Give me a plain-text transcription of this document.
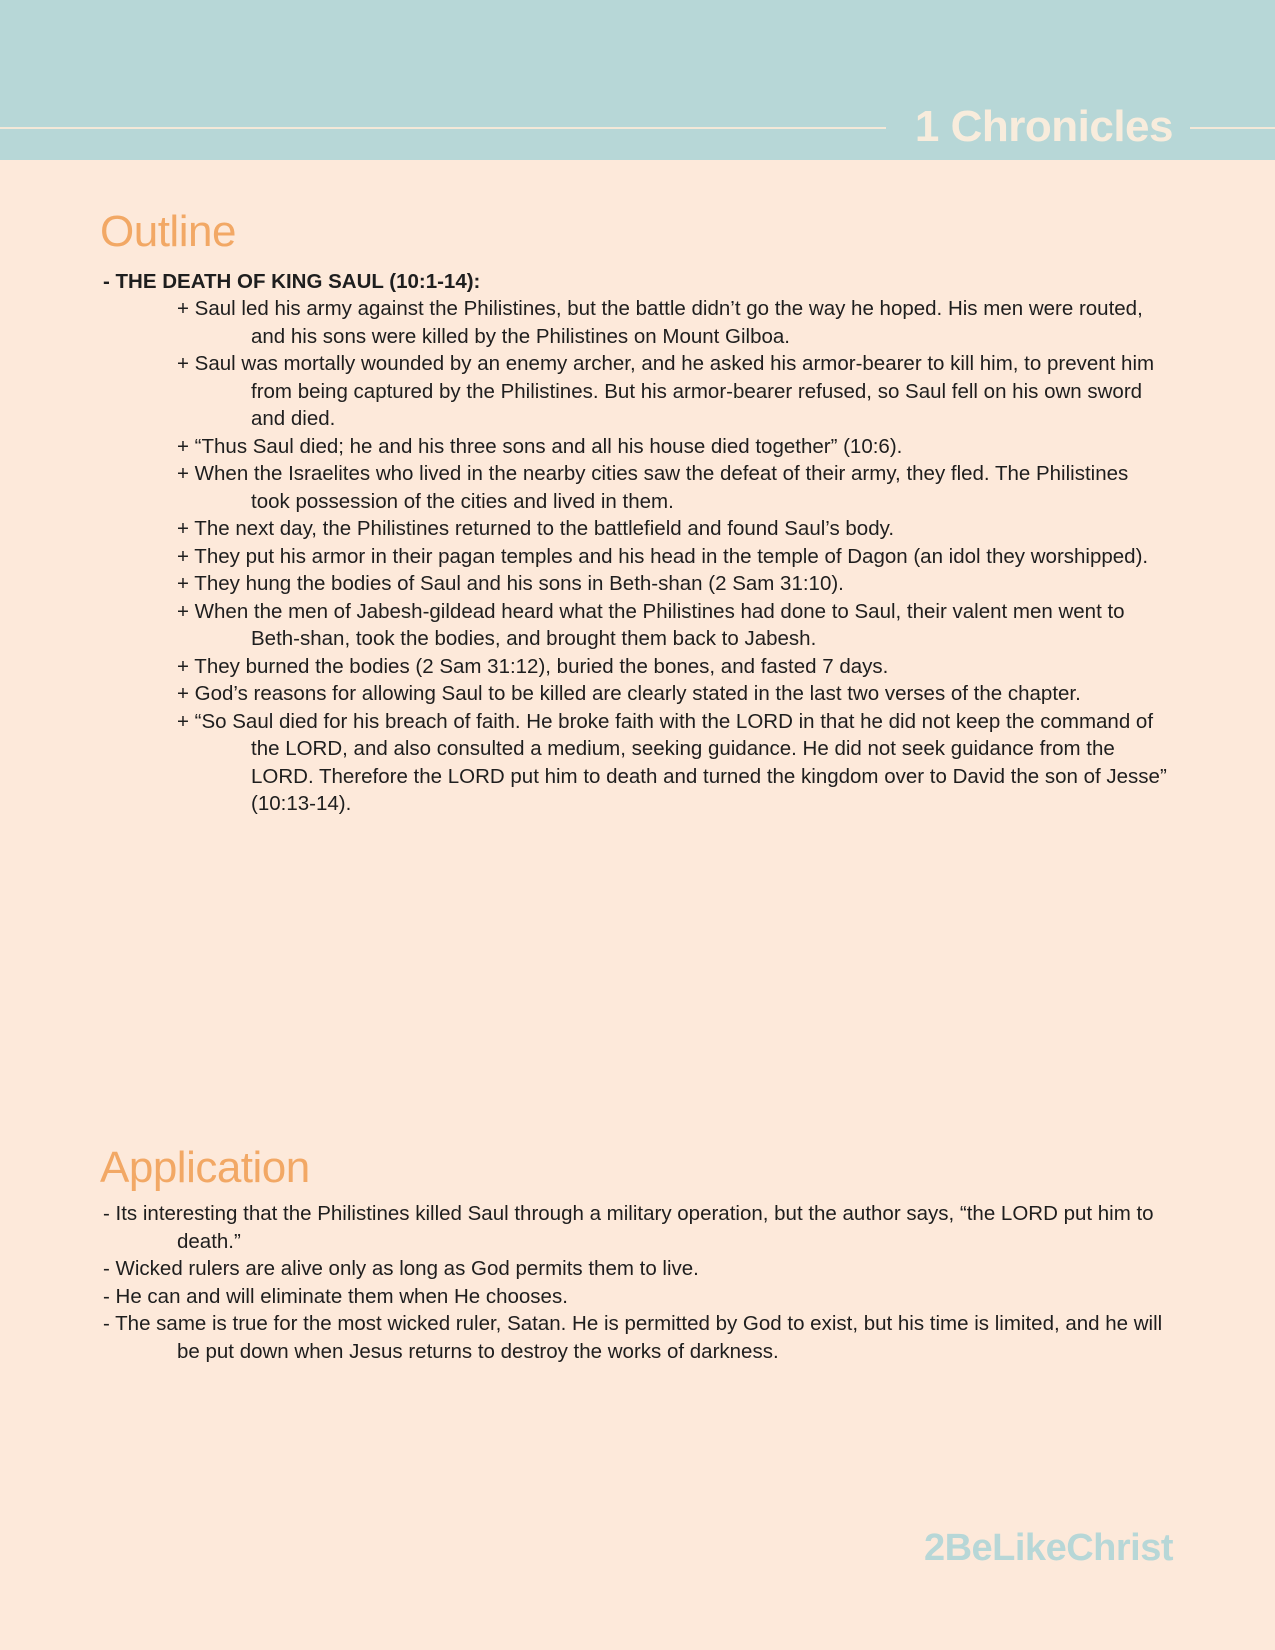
1 Chronicles
Outline
- THE DEATH OF KING SAUL (10:1-14):
+ Saul led his army against the Philistines, but the battle didn’t go the way he hoped. His men were routed, and his sons were killed by the Philistines on Mount Gilboa.
+ Saul was mortally wounded by an enemy archer, and he asked his armor-bearer to kill him, to prevent him from being captured by the Philistines. But his armor-bearer refused, so Saul fell on his own sword and died.
+ “Thus Saul died; he and his three sons and all his house died together” (10:6).
+ When the Israelites who lived in the nearby cities saw the defeat of their army, they fled. The Philistines took possession of the cities and lived in them.
+ The next day, the Philistines returned to the battlefield and found Saul’s body.
+ They put his armor in their pagan temples and his head in the temple of Dagon (an idol they worshipped).
+ They hung the bodies of Saul and his sons in Beth-shan (2 Sam 31:10).
+ When the men of Jabesh-gildead heard what the Philistines had done to Saul, their valent men went to Beth-shan, took the bodies, and brought them back to Jabesh.
+ They burned the bodies (2 Sam 31:12), buried the bones, and fasted 7 days.
+ God’s reasons for allowing Saul to be killed are clearly stated in the last two verses of the chapter.
+ “So Saul died for his breach of faith. He broke faith with the LORD in that he did not keep the command of the LORD, and also consulted a medium, seeking guidance. He did not seek guidance from the LORD. Therefore the LORD put him to death and turned the kingdom over to David the son of Jesse” (10:13-14).
Application
- Its interesting that the Philistines killed Saul through a military operation, but the author says, “the LORD put him to death.”
- Wicked rulers are alive only as long as God permits them to live.
- He can and will eliminate them when He chooses.
- The same is true for the most wicked ruler, Satan. He is permitted by God to exist, but his time is limited, and he will be put down when Jesus returns to destroy the works of darkness.
2BeLikeChrist
